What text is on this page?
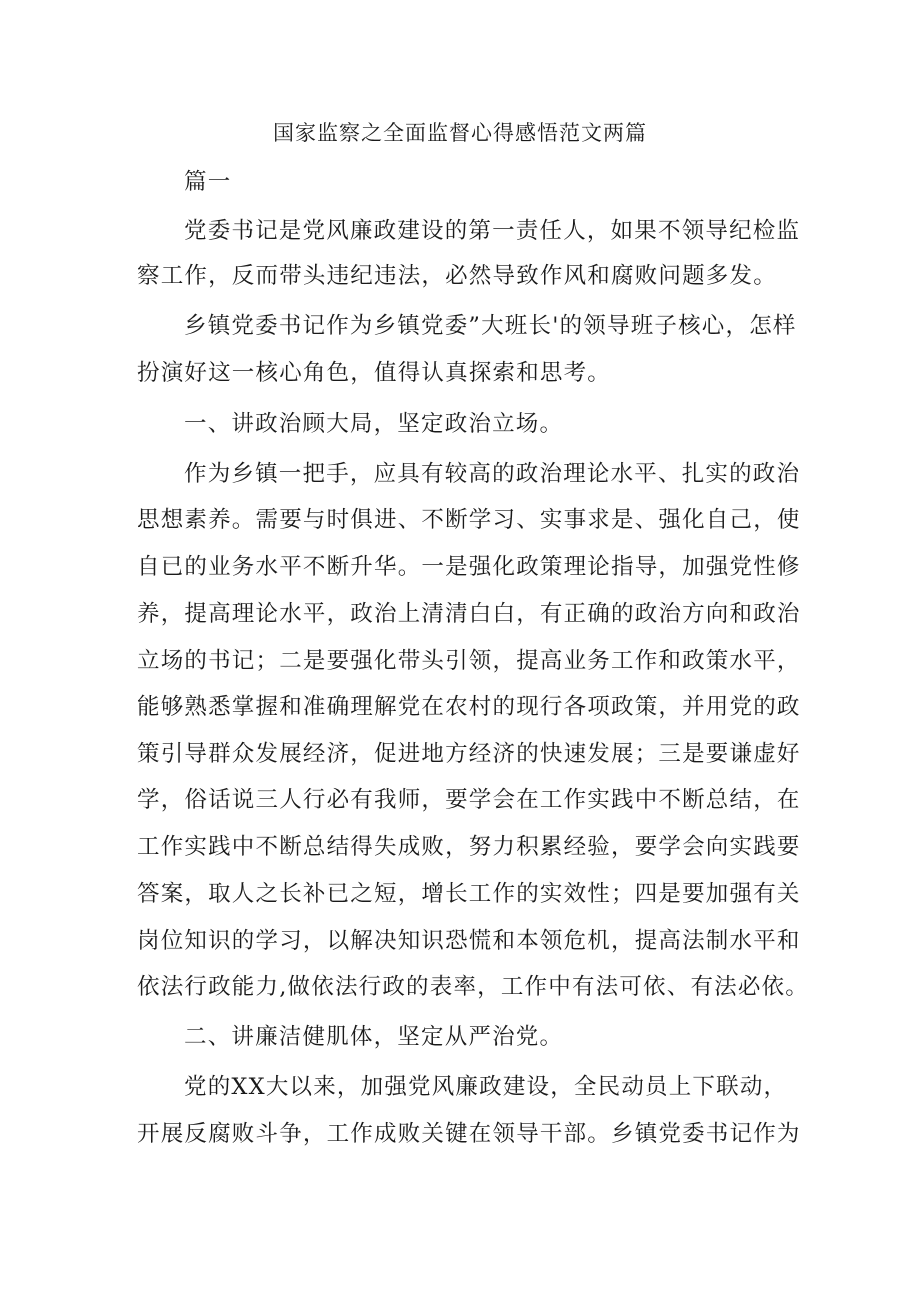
国家监察之全面监督心得感悟范文两篇
篇一
党委书记是党风廉政建设的第一责任人，如果不领导纪检监
察工作，反而带头违纪违法，必然导致作风和腐败问题多发。
乡镇党委书记作为乡镇党委”大班长'的领导班子核心，怎样
扮演好这一核心角色，值得认真探索和思考。
一、讲政治顾大局，坚定政治立场。
作为乡镇一把手，应具有较高的政治理论水平、扎实的政治
思想素养。需要与时俱进、不断学习、实事求是、强化自己，使
自已的业务水平不断升华。一是强化政策理论指导，加强党性修
养，提高理论水平，政治上清清白白，有正确的政治方向和政治
立场的书记；二是要强化带头引领，提高业务工作和政策水平，
能够熟悉掌握和准确理解党在农村的现行各项政策，并用党的政
策引导群众发展经济，促进地方经济的快速发展；三是要谦虚好
学，俗话说三人行必有我师，要学会在工作实践中不断总结，在
工作实践中不断总结得失成败，努力积累经验，要学会向实践要
答案，取人之长补已之短，增长工作的实效性；四是要加强有关
岗位知识的学习，以解决知识恐慌和本领危机，提高法制水平和
依法行政能力,做依法行政的表率，工作中有法可依、有法必依。
二、讲廉洁健肌体，坚定从严治党。
党的XX大以来，加强党风廉政建设，全民动员上下联动，
开展反腐败斗争，工作成败关键在领导干部。乡镇党委书记作为
